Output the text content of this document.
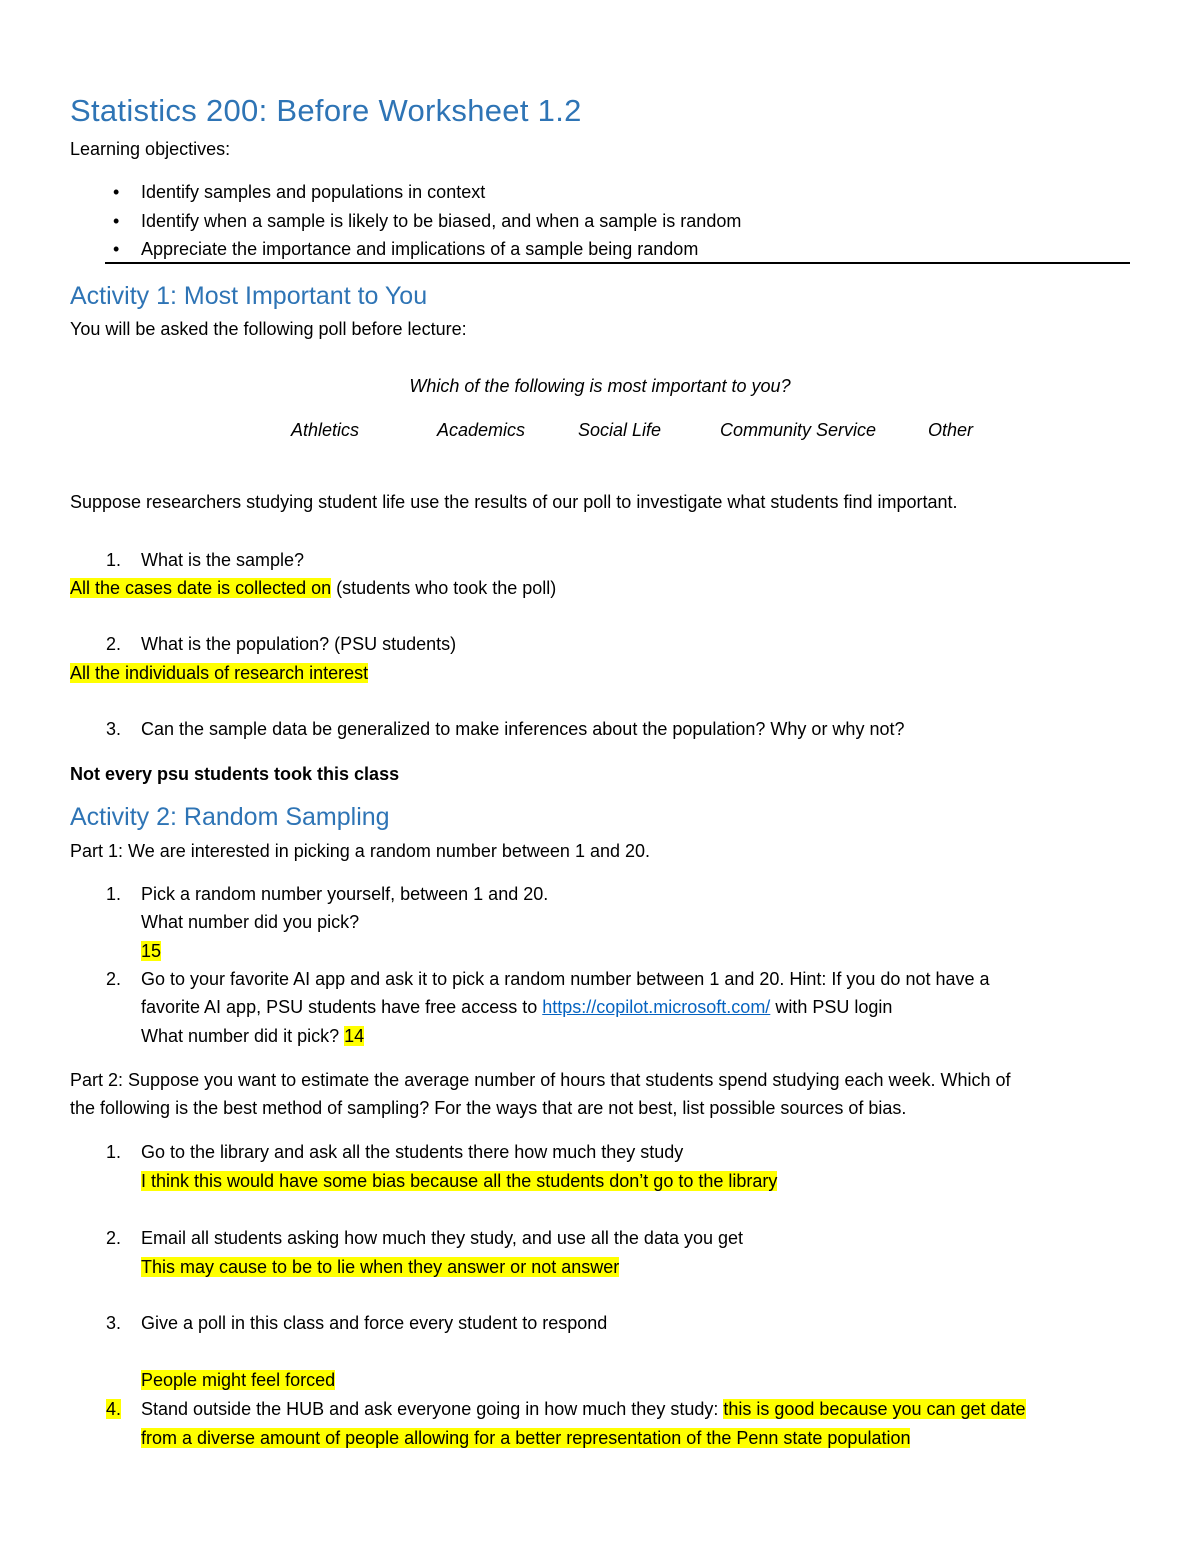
Statistics 200: Before Worksheet 1.2
Learning objectives:
• Identify samples and populations in context
• Identify when a sample is likely to be biased, and when a sample is random
• Appreciate the importance and implications of a sample being random
Activity 1: Most Important to You
You will be asked the following poll before lecture:
Which of the following is most important to you?
Athletics	Academics	Social Life	Community Service	Other
Suppose researchers studying student life use the results of our poll to investigate what students find important.
1. What is the sample?
All the cases date is collected on (students who took the poll)
2. What is the population? (PSU students)
All the individuals of research interest
3. Can the sample data be generalized to make inferences about the population? Why or why not?
Not every psu students took this class
Activity 2: Random Sampling
Part 1: We are interested in picking a random number between 1 and 20.
1. Pick a random number yourself, between 1 and 20.
What number did you pick?
15
2. Go to your favorite AI app and ask it to pick a random number between 1 and 20. Hint: If you do not have a
favorite AI app, PSU students have free access to https://copilot.microsoft.com/ with PSU login
What number did it pick? 14
Part 2: Suppose you want to estimate the average number of hours that students spend studying each week. Which of
the following is the best method of sampling? For the ways that are not best, list possible sources of bias.
1. Go to the library and ask all the students there how much they study
I think this would have some bias because all the students don’t go to the library
2. Email all students asking how much they study, and use all the data you get
This may cause to be to lie when they answer or not answer
3. Give a poll in this class and force every student to respond
People might feel forced
4. Stand outside the HUB and ask everyone going in how much they study: this is good because you can get date
from a diverse amount of people allowing for a better representation of the Penn state population
